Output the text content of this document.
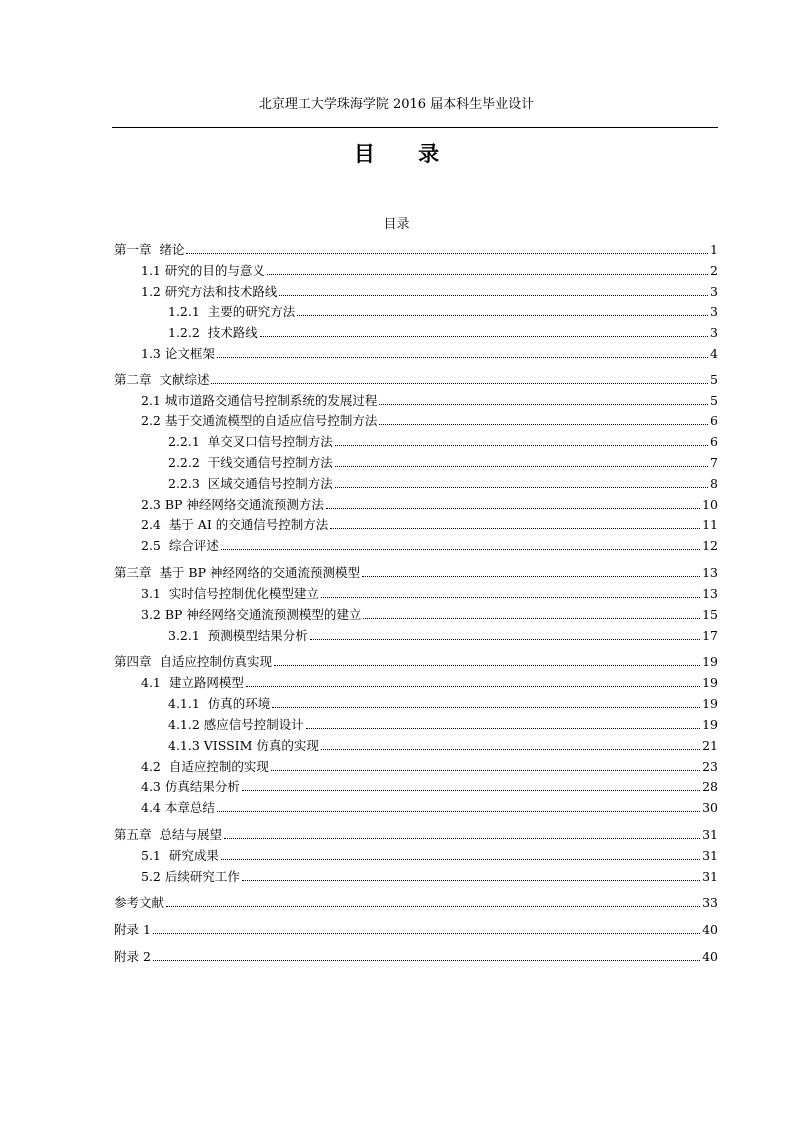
北京理工大学珠海学院 2016 届本科生毕业设计
目 录
目录
第一章  绪论	1
1.1 研究的目的与意义	2
1.2 研究方法和技术路线	3
1.2.1  主要的研究方法	3
1.2.2  技术路线	3
1.3 论文框架	4
第二章  文献综述	5
2.1 城市道路交通信号控制系统的发展过程	5
2.2 基于交通流模型的自适应信号控制方法	6
2.2.1  单交叉口信号控制方法	6
2.2.2  干线交通信号控制方法	7
2.2.3  区域交通信号控制方法	8
2.3 BP 神经网络交通流预测方法	10
2.4  基于 AI 的交通信号控制方法	11
2.5  综合评述	12
第三章  基于 BP 神经网络的交通流预测模型	13
3.1  实时信号控制优化模型建立	13
3.2 BP 神经网络交通流预测模型的建立	15
3.2.1  预测模型结果分析	17
第四章  自适应控制仿真实现	19
4.1  建立路网模型	19
4.1.1  仿真的环境	19
4.1.2 感应信号控制设计	19
4.1.3 VISSIM 仿真的实现	21
4.2  自适应控制的实现	23
4.3 仿真结果分析	28
4.4 本章总结	30
第五章  总结与展望	31
5.1  研究成果	31
5.2 后续研究工作	31
参考文献	33
附录 1	40
附录 2	40
